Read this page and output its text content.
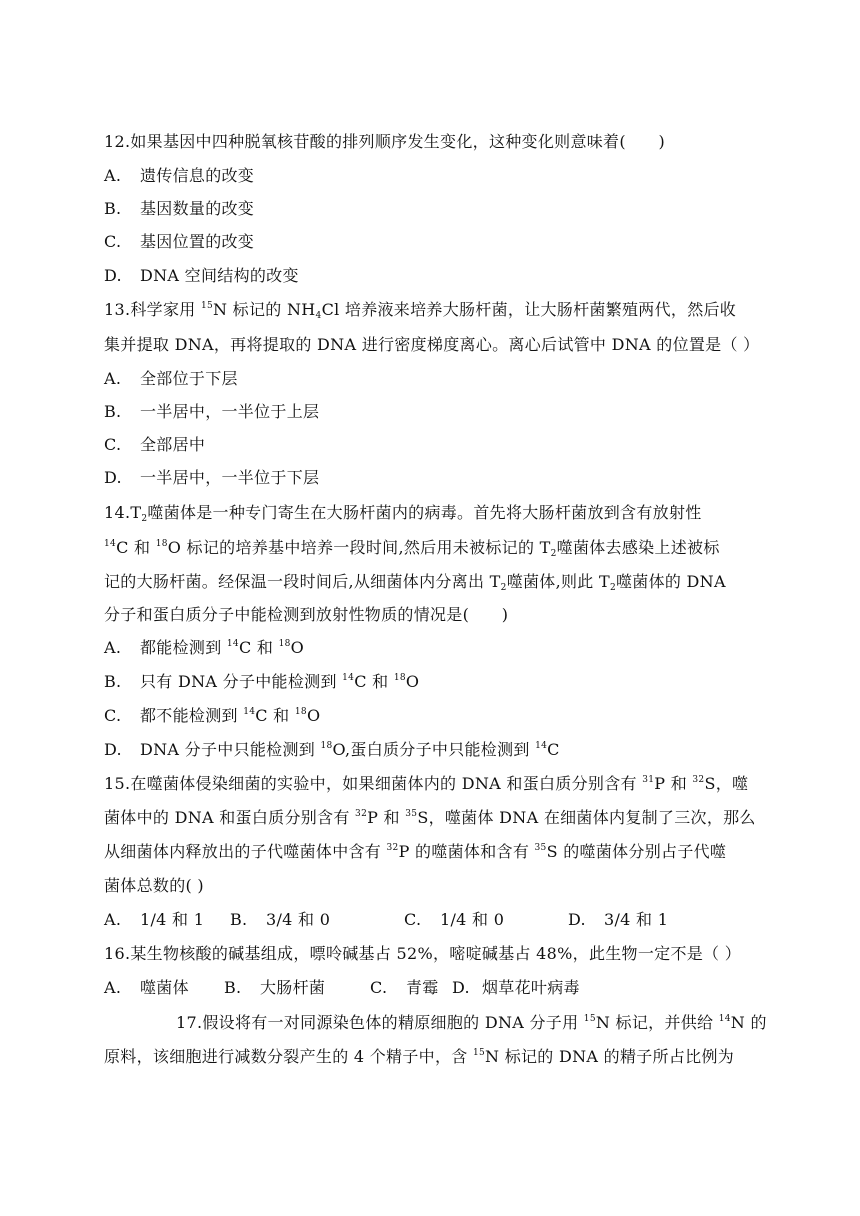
12.如果基因中四种脱氧核苷酸的排列顺序发生变化，这种变化则意味着(　　)
A. 遗传信息的改变
B. 基因数量的改变
C. 基因位置的改变
D. DNA 空间结构的改变
13.科学家用 $^{15}$N 标记的 $NH_4Cl$ 培养液来培养大肠杆菌，让大肠杆菌繁殖两代，然后收
集并提取 DNA，再将提取的 DNA 进行密度梯度离心。离心后试管中 DNA 的位置是（ ）
A. 全部位于下层
B. 一半居中，一半位于上层
C. 全部居中
D. 一半居中，一半位于下层
$14.T_2$噬菌体是一种专门寄生在大肠杆菌内的病毒。首先将大肠杆菌放到含有放射性
$^{14}$C 和 $^{18}$O 标记的培养基中培养一段时间,然后用未被标记的 $T_2$噬菌体去感染上述被标
记的大肠杆菌。经保温一段时间后,从细菌体内分离出 $T_2$噬菌体,则此 $T_2$噬菌体的 DNA
分子和蛋白质分子中能检测到放射性物质的情况是(　　)
A. 都能检测到 $^{14}$C 和 $^{18}$O
B. 只有 DNA 分子中能检测到 $^{14}$C 和 $^{18}$O
C. 都不能检测到 $^{14}$C 和 $^{18}$O
D. DNA 分子中只能检测到 $^{18}$O,蛋白质分子中只能检测到 $^{14}$C
15.在噬菌体侵染细菌的实验中，如果细菌体内的 DNA 和蛋白质分别含有 $^{31}$P 和 $^{32}$S，噬
菌体中的 DNA 和蛋白质分别含有 $^{32}$P 和 $^{35}$S，噬菌体 DNA 在细菌体内复制了三次，那么
从细菌体内释放出的子代噬菌体中含有 $^{32}$P 的噬菌体和含有 $^{35}$S 的噬菌体分别占子代噬
菌体总数的( )
A. 1/4 和 1 B. 3/4 和 0	C. 1/4 和 0	D. 3/4 和 1
16.某生物核酸的碱基组成，嘌呤碱基占 52%，嘧啶碱基占 48%，此生物一定不是（ ）
A. 噬菌体 B. 大肠杆菌	C. 青霉 D. 烟草花叶病毒
17.假设将有一对同源染色体的精原细胞的 DNA 分子用 $^{15}$N 标记，并供给 $^{14}$N 的
原料，该细胞进行减数分裂产生的 4 个精子中，含 $^{15}$N 标记的 DNA 的精子所占比例为
